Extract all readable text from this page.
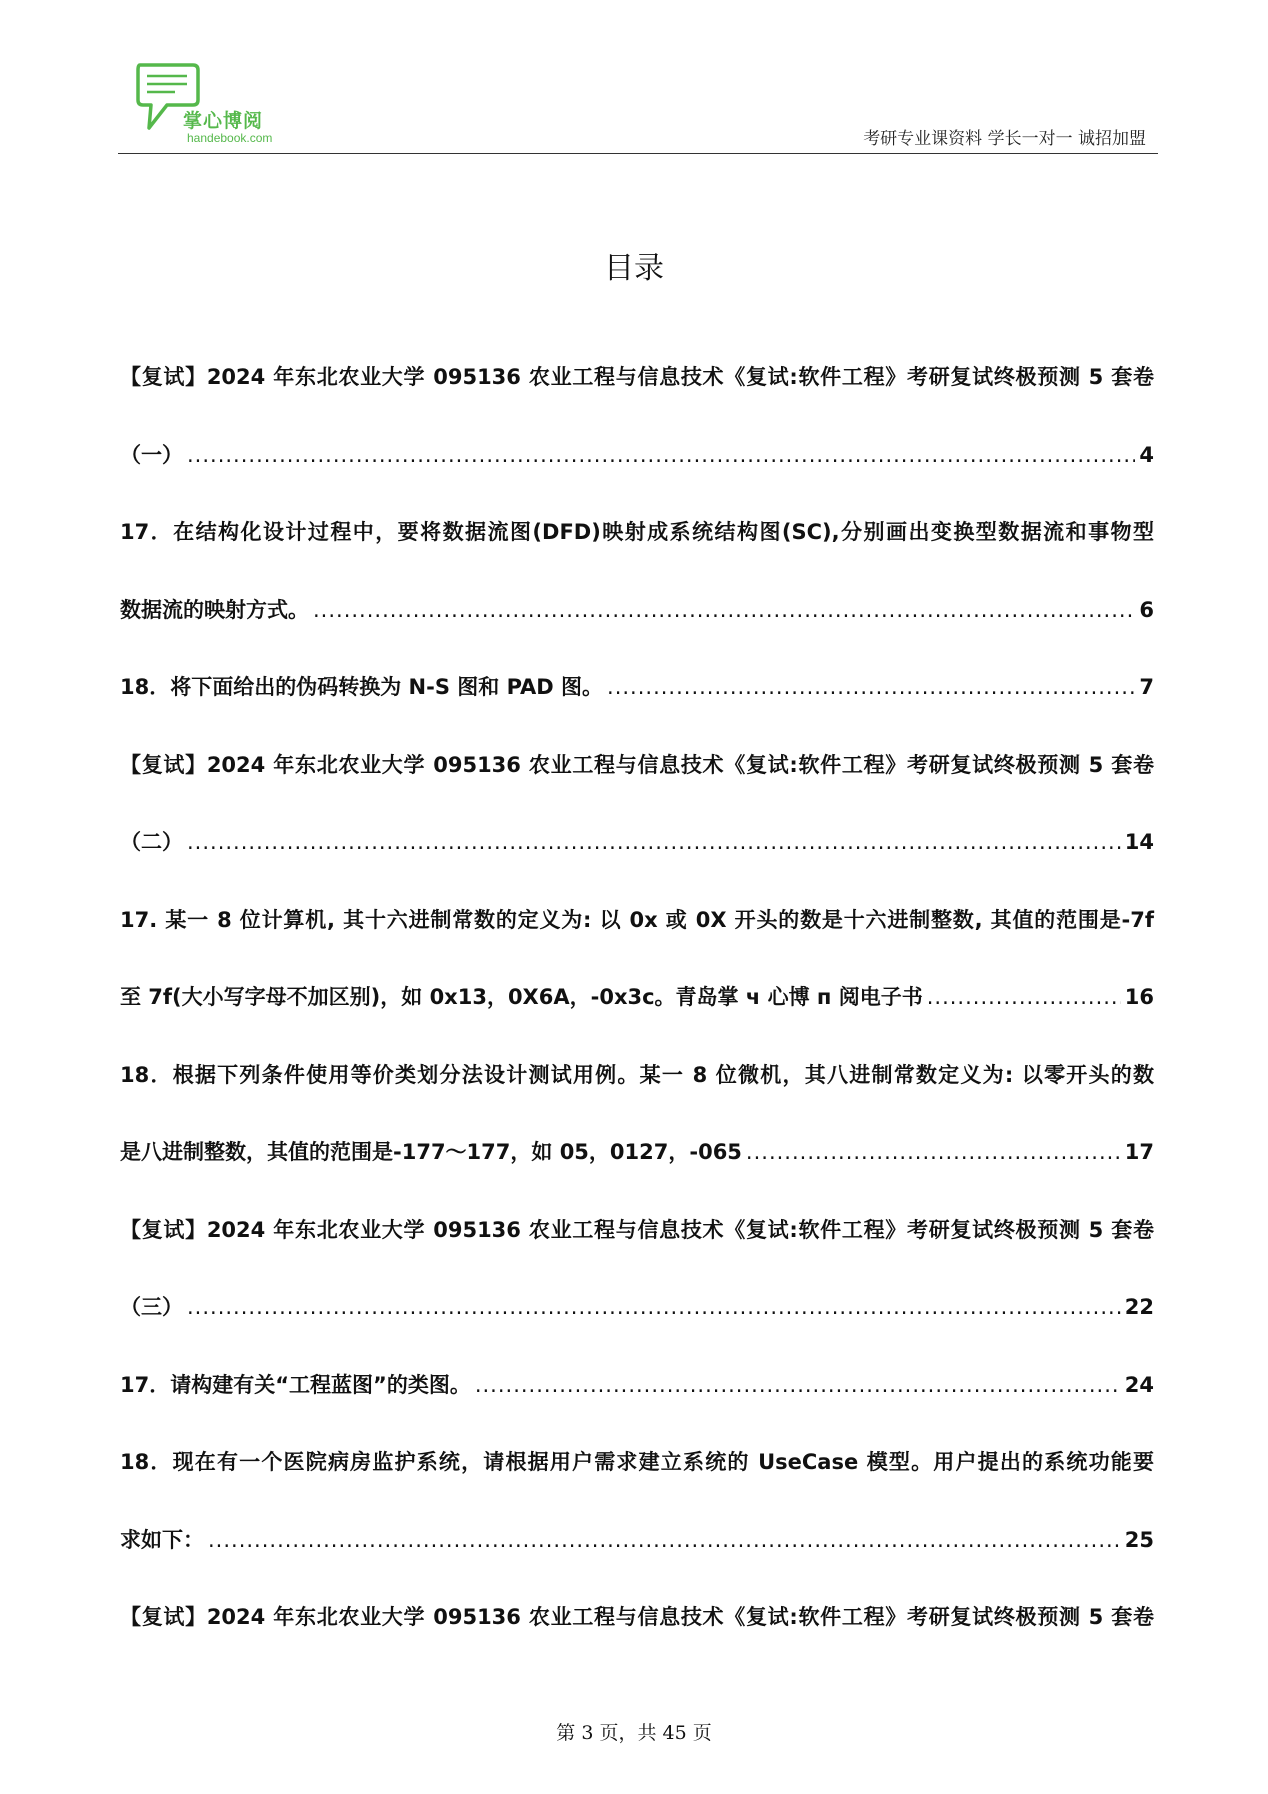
掌心博阅
handebook.com	考研专业课资料 学长一对一 诚招加盟
目录
【复试】2024 年东北农业大学 095136 农业工程与信息技术《复试:软件工程》考研复试终极预测 5 套卷
（一） .....	4
17．在结构化设计过程中，要将数据流图(DFD)映射成系统结构图(SC),分别画出变换型数据流和事物型
数据流的映射方式。 .....	6
18．将下面给出的伪码转换为 N-S 图和 PAD 图。 .....	7
【复试】2024 年东北农业大学 095136 农业工程与信息技术《复试:软件工程》考研复试终极预测 5 套卷
（二） .....	14
17. 某一 8 位计算机, 其十六进制常数的定义为: 以 0x 或 0X 开头的数是十六进制整数, 其值的范围是-7f
至 7f(大小写字母不加区别)，如 0x13，0X6A，-0x3c。青岛掌 ч 心博 п 阅电子书 .....	16
18．根据下列条件使用等价类划分法设计测试用例。某一 8 位微机，其八进制常数定义为: 以零开头的数
是八进制整数，其值的范围是-177～177，如 05，0127，-065 .....	17
【复试】2024 年东北农业大学 095136 农业工程与信息技术《复试:软件工程》考研复试终极预测 5 套卷
（三） .....	22
17．请构建有关“工程蓝图”的类图。 .....	24
18．现在有一个医院病房监护系统，请根据用户需求建立系统的 UseCase 模型。用户提出的系统功能要
求如下： .....	25
【复试】2024 年东北农业大学 095136 农业工程与信息技术《复试:软件工程》考研复试终极预测 5 套卷
第 3 页，共 45 页
